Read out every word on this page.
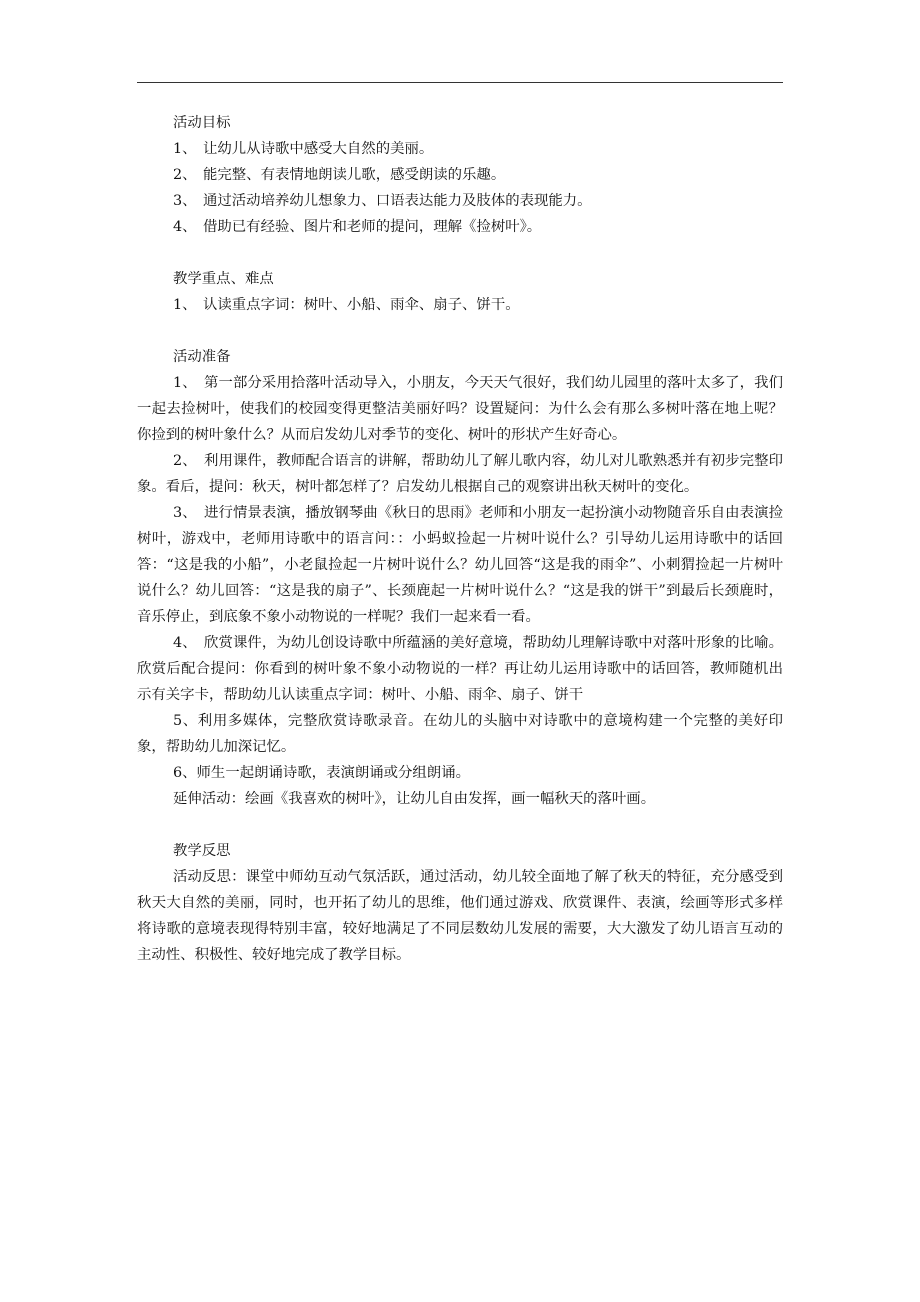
活动目标

1、 让幼儿从诗歌中感受大自然的美丽。

2、 能完整、有表情地朗读儿歌，感受朗读的乐趣。

3、 通过活动培养幼儿想象力、口语表达能力及肢体的表现能力。

4、 借助已有经验、图片和老师的提问，理解《捡树叶》。

教学重点、难点

1、 认读重点字词：树叶、小船、雨伞、扇子、饼干。

活动准备

1、　第一部分采用拾落叶活动导入，小朋友，今天天气很好，我们幼儿园里的落叶太多了，我们一起去捡树叶，使我们的校园变得更整洁美丽好吗？设置疑问：为什么会有那么多树叶落在地上呢？你捡到的树叶象什么？从而启发幼儿对季节的变化、树叶的形状产生好奇心。

2、　利用课件，教师配合语言的讲解，帮助幼儿了解儿歌内容，幼儿对儿歌熟悉并有初步完整印象。看后，提问：秋天，树叶都怎样了？启发幼儿根据自己的观察讲出秋天树叶的变化。

3、　进行情景表演，播放钢琴曲《秋日的思雨》老师和小朋友一起扮演小动物随音乐自由表演捡树叶，游戏中，老师用诗歌中的语言问：：小蚂蚁捡起一片树叶说什么？引导幼儿运用诗歌中的话回答：“这是我的小船”，小老鼠捡起一片树叶说什么？幼儿回答“这是我的雨伞”、小刺猬捡起一片树叶说什么？幼儿回答：“这是我的扇子”、长颈鹿起一片树叶说什么？“这是我的饼干”到最后长颈鹿时，音乐停止，到底象不象小动物说的一样呢？我们一起来看一看。

4、　欣赏课件，为幼儿创设诗歌中所蕴涵的美好意境，帮助幼儿理解诗歌中对落叶形象的比喻。欣赏后配合提问：你看到的树叶象不象小动物说的一样？再让幼儿运用诗歌中的话回答，教师随机出示有关字卡，帮助幼儿认读重点字词：树叶、小船、雨伞、扇子、饼干

5、利用多媒体，完整欣赏诗歌录音。在幼儿的头脑中对诗歌中的意境构建一个完整的美好印象，帮助幼儿加深记忆。

6、师生一起朗诵诗歌，表演朗诵或分组朗诵。

延伸活动：绘画《我喜欢的树叶》，让幼儿自由发挥，画一幅秋天的落叶画。

教学反思

活动反思：课堂中师幼互动气氛活跃，通过活动，幼儿较全面地了解了秋天的特征，充分感受到秋天大自然的美丽，同时，也开拓了幼儿的思维，他们通过游戏、欣赏课件、表演，绘画等形式多样将诗歌的意境表现得特别丰富，较好地满足了不同层数幼儿发展的需要，大大激发了幼儿语言互动的主动性、积极性、较好地完成了教学目标。
